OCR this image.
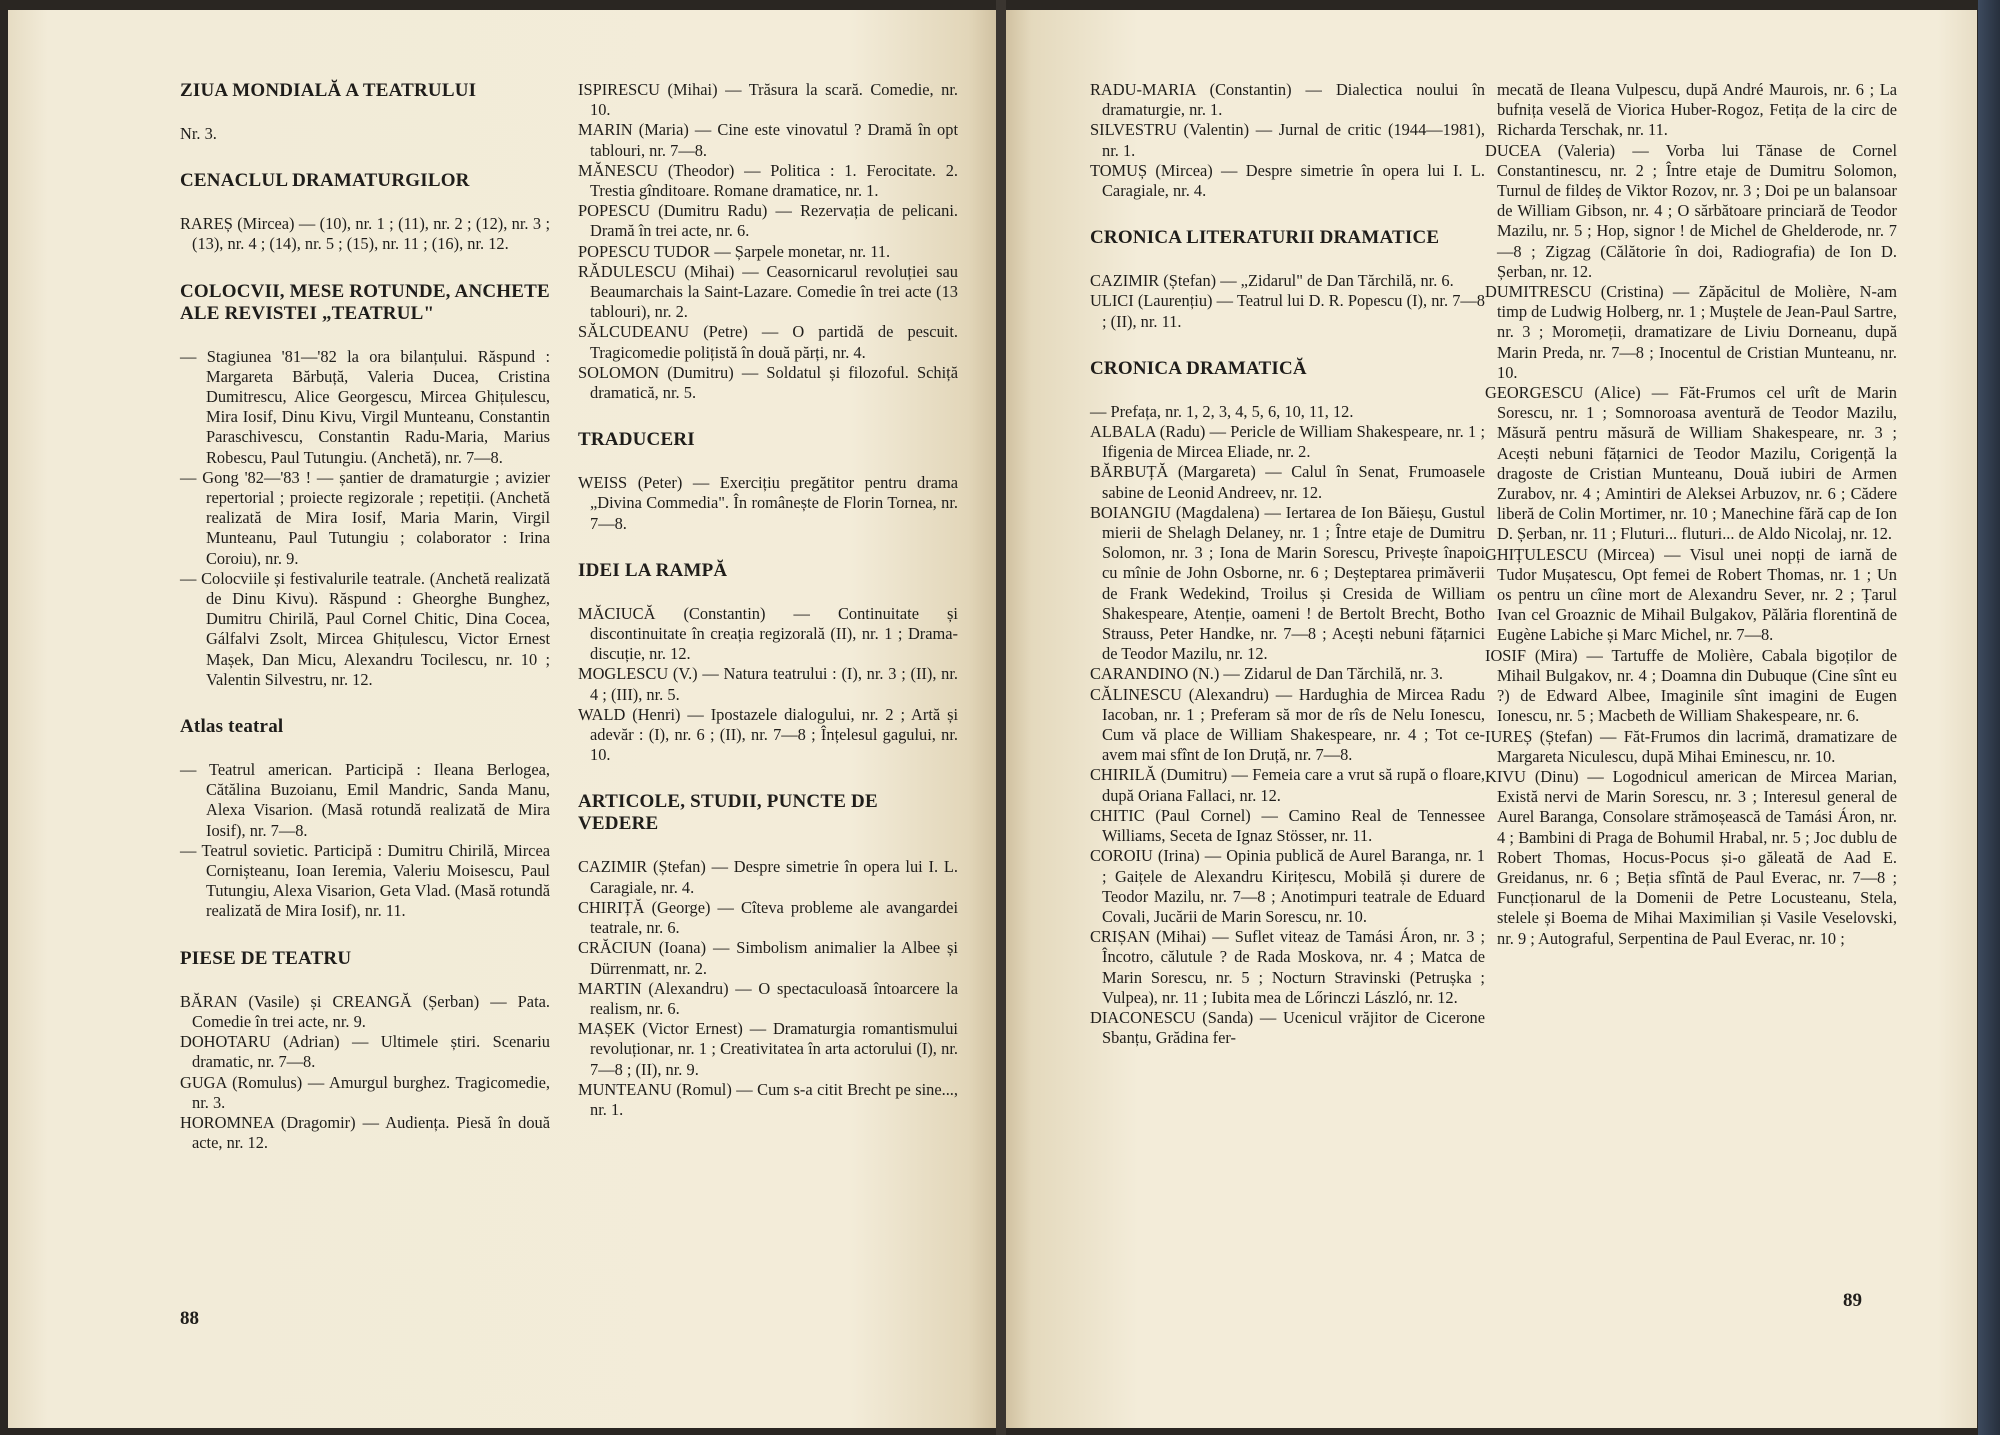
ZIUA MONDIALĂ A TEATRULUI

Nr. 3.

CENACLUL DRAMATURGILOR

RAREȘ (Mircea) — (10), nr. 1 ; (11), nr. 2 ; (12), nr. 3 ; (13), nr. 4 ; (14), nr. 5 ; (15), nr. 11 ; (16), nr. 12.

COLOCVII, MESE ROTUNDE, ANCHETE ALE REVISTEI „TEATRUL"

— Stagiunea '81—'82 la ora bilanțului. Răspund : Margareta Bărbuță, Valeria Ducea, Cristina Dumitrescu, Alice Georgescu, Mircea Ghițulescu, Mira Iosif, Dinu Kivu, Virgil Munteanu, Constantin Paraschivescu, Constantin Radu-Maria, Marius Robescu, Paul Tutungiu. (Anchetă), nr. 7—8.

— Gong '82—'83 ! — șantier de dramaturgie ; avizier repertorial ; proiecte regizorale ; repetiții. (Anchetă realizată de Mira Iosif, Maria Marin, Virgil Munteanu, Paul Tutungiu ; colaborator : Irina Coroiu), nr. 9.

— Colocviile și festivalurile teatrale. (Anchetă realizată de Dinu Kivu). Răspund : Gheorghe Bunghez, Dumitru Chirilă, Paul Cornel Chitic, Dina Cocea, Gálfalvi Zsolt, Mircea Ghițulescu, Victor Ernest Mașek, Dan Micu, Alexandru Tocilescu, nr. 10 ; Valentin Silvestru, nr. 12.

Atlas teatral

— Teatrul american. Participă : Ileana Berlogea, Cătălina Buzoianu, Emil Mandric, Sanda Manu, Alexa Visarion. (Masă rotundă realizată de Mira Iosif), nr. 7—8.

— Teatrul sovietic. Participă : Dumitru Chirilă, Mircea Cornișteanu, Ioan Ieremia, Valeriu Moisescu, Paul Tutungiu, Alexa Visarion, Geta Vlad. (Masă rotundă realizată de Mira Iosif), nr. 11.

PIESE DE TEATRU

BĂRAN (Vasile) și CREANGĂ (Șerban) — Pata. Comedie în trei acte, nr. 9.

DOHOTARU (Adrian) — Ultimele știri. Scenariu dramatic, nr. 7—8.

GUGA (Romulus) — Amurgul burghez. Tragicomedie, nr. 3.

HOROMNEA (Dragomir) — Audiența. Piesă în două acte, nr. 12.

ISPIRESCU (Mihai) — Trăsura la scară. Comedie, nr. 10.

MARIN (Maria) — Cine este vinovatul ? Dramă în opt tablouri, nr. 7—8.

MĂNESCU (Theodor) — Politica : 1. Ferocitate. 2. Trestia gînditoare. Romane dramatice, nr. 1.

POPESCU (Dumitru Radu) — Rezervația de pelicani. Dramă în trei acte, nr. 6.

POPESCU TUDOR — Șarpele monetar, nr. 11.

RĂDULESCU (Mihai) — Ceasornicarul revoluției sau Beaumarchais la Saint-Lazare. Comedie în trei acte (13 tablouri), nr. 2.

SĂLCUDEANU (Petre) — O partidă de pescuit. Tragicomedie polițistă în două părți, nr. 4.

SOLOMON (Dumitru) — Soldatul și filozoful. Schiță dramatică, nr. 5.

TRADUCERI

WEISS (Peter) — Exercițiu pregătitor pentru drama „Divina Commedia". În românește de Florin Tornea, nr. 7—8.

IDEI LA RAMPĂ

MĂCIUCĂ (Constantin) — Continuitate și discontinuitate în creația regizorală (II), nr. 1 ; Drama-discuție, nr. 12.

MOGLESCU (V.) — Natura teatrului : (I), nr. 3 ; (II), nr. 4 ; (III), nr. 5.

WALD (Henri) — Ipostazele dialogului, nr. 2 ; Artă și adevăr : (I), nr. 6 ; (II), nr. 7—8 ; Înțelesul gagului, nr. 10.

ARTICOLE, STUDII, PUNCTE DE VEDERE

CAZIMIR (Ștefan) — Despre simetrie în opera lui I. L. Caragiale, nr. 4.

CHIRIȚĂ (George) — Cîteva probleme ale avangardei teatrale, nr. 6.

CRĂCIUN (Ioana) — Simbolism animalier la Albee și Dürrenmatt, nr. 2.

MARTIN (Alexandru) — O spectaculoasă întoarcere la realism, nr. 6.

MAȘEK (Victor Ernest) — Dramaturgia romantismului revoluționar, nr. 1 ; Creativitatea în arta actorului (I), nr. 7—8 ; (II), nr. 9.

MUNTEANU (Romul) — Cum s-a citit Brecht pe sine..., nr. 1.

RADU-MARIA (Constantin) — Dialectica noului în dramaturgie, nr. 1.

SILVESTRU (Valentin) — Jurnal de critic (1944—1981), nr. 1.

TOMUȘ (Mircea) — Despre simetrie în opera lui I. L. Caragiale, nr. 4.

CRONICA LITERATURII DRAMATICE

CAZIMIR (Ștefan) — „Zidarul" de Dan Tărchilă, nr. 6.

ULICI (Laurențiu) — Teatrul lui D. R. Popescu (I), nr. 7—8 ; (II), nr. 11.

CRONICA DRAMATICĂ

— Prefața, nr. 1, 2, 3, 4, 5, 6, 10, 11, 12.

ALBALA (Radu) — Pericle de William Shakespeare, nr. 1 ; Ifigenia de Mircea Eliade, nr. 2.

BĂRBUȚĂ (Margareta) — Calul în Senat, Frumoasele sabine de Leonid Andreev, nr. 12.

BOIANGIU (Magdalena) — Iertarea de Ion Băieșu, Gustul mierii de Shelagh Delaney, nr. 1 ; Între etaje de Dumitru Solomon, nr. 3 ; Iona de Marin Sorescu, Privește înapoi cu mînie de John Osborne, nr. 6 ; Deșteptarea primăverii de Frank Wedekind, Troilus și Cresida de William Shakespeare, Atenție, oameni ! de Bertolt Brecht, Botho Strauss, Peter Handke, nr. 7—8 ; Acești nebuni fățarnici de Teodor Mazilu, nr. 12.

CARANDINO (N.) — Zidarul de Dan Tărchilă, nr. 3.

CĂLINESCU (Alexandru) — Hardughia de Mircea Radu Iacoban, nr. 1 ; Preferam să mor de rîs de Nelu Ionescu, Cum vă place de William Shakespeare, nr. 4 ; Tot ce-avem mai sfînt de Ion Druță, nr. 7—8.

CHIRILĂ (Dumitru) — Femeia care a vrut să rupă o floare, după Oriana Fallaci, nr. 12.

CHITIC (Paul Cornel) — Camino Real de Tennessee Williams, Seceta de Ignaz Stösser, nr. 11.

COROIU (Irina) — Opinia publică de Aurel Baranga, nr. 1 ; Gaițele de Alexandru Kirițescu, Mobilă și durere de Teodor Mazilu, nr. 7—8 ; Anotimpuri teatrale de Eduard Covali, Jucării de Marin Sorescu, nr. 10.

CRIȘAN (Mihai) — Suflet viteaz de Tamási Áron, nr. 3 ; Încotro, călutule ? de Rada Moskova, nr. 4 ; Matca de Marin Sorescu, nr. 5 ; Nocturn Stravinski (Petrușka ; Vulpea), nr. 11 ; Iubita mea de Lőrinczi László, nr. 12.

DIACONESCU (Sanda) — Ucenicul vrăjitor de Cicerone Sbanțu, Grădina fer-

mecată de Ileana Vulpescu, după André Maurois, nr. 6 ; La bufnița veselă de Viorica Huber-Rogoz, Fetița de la circ de Richarda Terschak, nr. 11.

DUCEA (Valeria) — Vorba lui Tănase de Cornel Constantinescu, nr. 2 ; Între etaje de Dumitru Solomon, Turnul de fildeș de Viktor Rozov, nr. 3 ; Doi pe un balansoar de William Gibson, nr. 4 ; O sărbătoare princiară de Teodor Mazilu, nr. 5 ; Hop, signor ! de Michel de Ghelderode, nr. 7—8 ; Zigzag (Călătorie în doi, Radiografia) de Ion D. Șerban, nr. 12.

DUMITRESCU (Cristina) — Zăpăcitul de Molière, N-am timp de Ludwig Holberg, nr. 1 ; Muștele de Jean-Paul Sartre, nr. 3 ; Moromeții, dramatizare de Liviu Dorneanu, după Marin Preda, nr. 7—8 ; Inocentul de Cristian Munteanu, nr. 10.

GEORGESCU (Alice) — Făt-Frumos cel urît de Marin Sorescu, nr. 1 ; Somnoroasa aventură de Teodor Mazilu, Măsură pentru măsură de William Shakespeare, nr. 3 ; Acești nebuni fățarnici de Teodor Mazilu, Corigență la dragoste de Cristian Munteanu, Două iubiri de Armen Zurabov, nr. 4 ; Amintiri de Aleksei Arbuzov, nr. 6 ; Cădere liberă de Colin Mortimer, nr. 10 ; Manechine fără cap de Ion D. Șerban, nr. 11 ; Fluturi... fluturi... de Aldo Nicolaj, nr. 12.

GHIȚULESCU (Mircea) — Visul unei nopți de iarnă de Tudor Mușatescu, Opt femei de Robert Thomas, nr. 1 ; Un os pentru un cîine mort de Alexandru Sever, nr. 2 ; Țarul Ivan cel Groaznic de Mihail Bulgakov, Pălăria florentină de Eugène Labiche și Marc Michel, nr. 7—8.

IOSIF (Mira) — Tartuffe de Molière, Cabala bigoților de Mihail Bulgakov, nr. 4 ; Doamna din Dubuque (Cine sînt eu ?) de Edward Albee, Imaginile sînt imagini de Eugen Ionescu, nr. 5 ; Macbeth de William Shakespeare, nr. 6.

IUREȘ (Ștefan) — Făt-Frumos din lacrimă, dramatizare de Margareta Niculescu, după Mihai Eminescu, nr. 10.

KIVU (Dinu) — Logodnicul american de Mircea Marian, Există nervi de Marin Sorescu, nr. 3 ; Interesul general de Aurel Baranga, Consolare strămoșească de Tamási Áron, nr. 4 ; Bambini di Praga de Bohumil Hrabal, nr. 5 ; Joc dublu de Robert Thomas, Hocus-Pocus și-o găleată de Aad E. Greidanus, nr. 6 ; Beția sfîntă de Paul Everac, nr. 7—8 ; Funcționarul de la Domenii de Petre Locusteanu, Stela, stelele și Boema de Mihai Maximilian și Vasile Veselovski, nr. 9 ; Autograful, Serpentina de Paul Everac, nr. 10 ;

88
89
